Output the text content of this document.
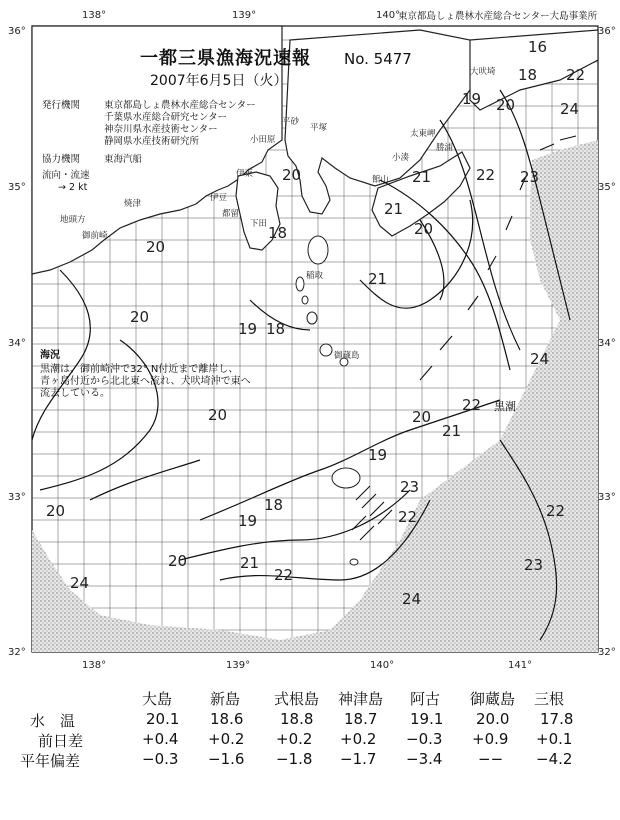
16
18 22
19 20	24
20
21
22 23
20
21
20
21
18
19 18
24
20
20
22
21
19
20
18
19
21
22
23
20
24
22
23
24
22
20
大吠埼
勝浦
太東岬
平塚
小田原
伊東
下田
焼津
御前崎
地頭方
稲取
御蔵島
小湊
伊豆
都留
館山
平砂
黒潮
138°	139°	140°
36°
36°
35°
34°
33°
32°
35°
34°
33°
32°
138°	139°	140°	141°
東京都島しょ農林水産総合センター大島事業所
一都三県漁海況速報 No. 5477
2007年6月5日（火）
発行機関	東京都島しょ農林水産総合センター
千葉県水産総合研究センター
神奈川県水産技術センター
静岡県水産技術研究所
協力機関	東海汽船
流向・流速
→ 2 kt
海況
黒潮は、御前崎沖で32° N付近まで離岸し、
青ヶ島付近から北北東へ流れ、犬吠埼沖で東へ
流去している。
大島	新島 式根島 神津島 阿古 御蔵島 三根
水　温	20.1 18.6 18.8 18.7 19.1 20.0 17.8
前日差	+0.4 +0.2 +0.2 +0.2 −0.3 +0.9 +0.1
平年偏差	−0.3 −1.6 −1.8 −1.7 −3.4 −− −4.2
